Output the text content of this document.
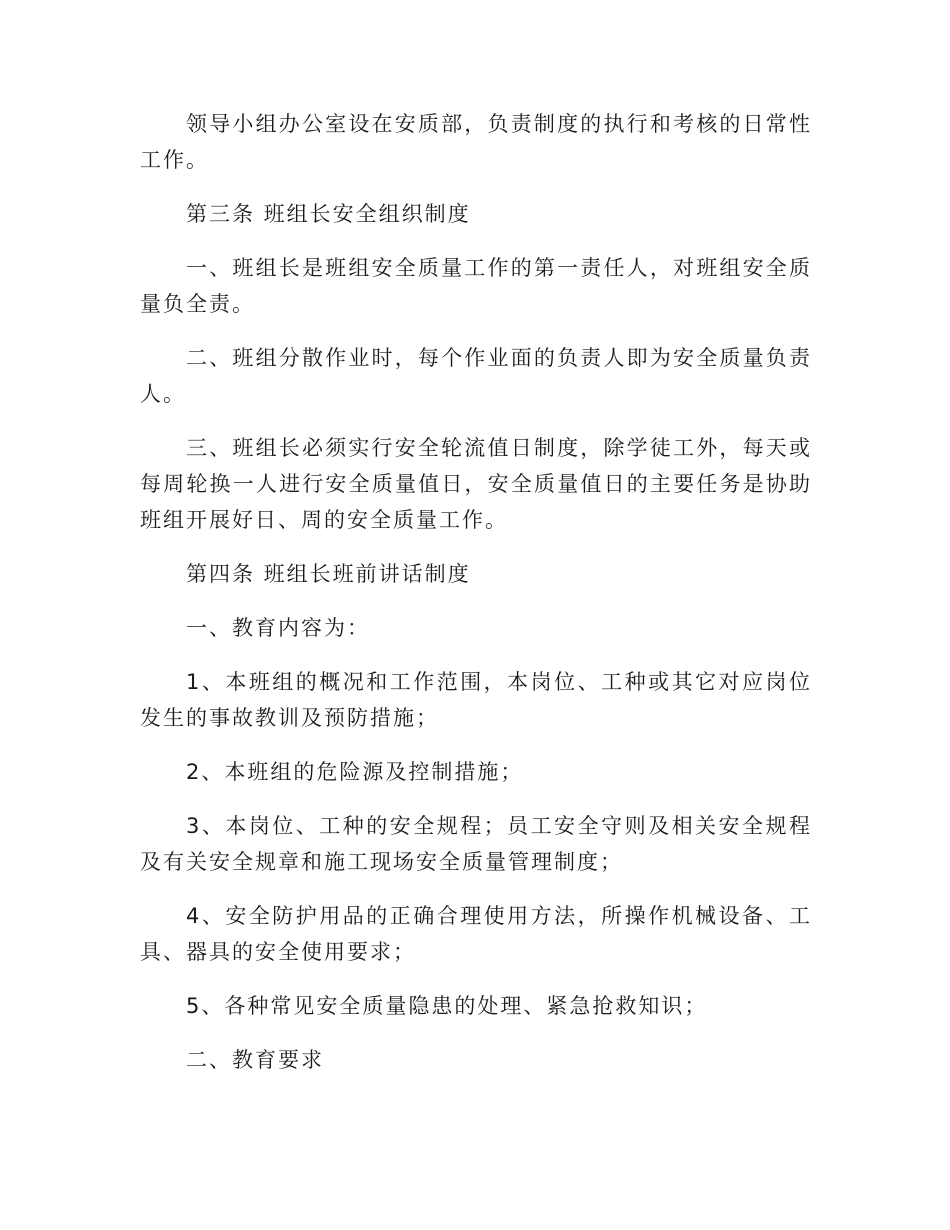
领导小组办公室设在安质部，负责制度的执行和考核的日常性工作。

第三条 班组长安全组织制度

一、班组长是班组安全质量工作的第一责任人，对班组安全质量负全责。

二、班组分散作业时，每个作业面的负责人即为安全质量负责人。

三、班组长必须实行安全轮流值日制度，除学徒工外，每天或每周轮换一人进行安全质量值日，安全质量值日的主要任务是协助班组开展好日、周的安全质量工作。

第四条 班组长班前讲话制度

一、教育内容为：

1、本班组的概况和工作范围，本岗位、工种或其它对应岗位发生的事故教训及预防措施；

2、本班组的危险源及控制措施；

3、本岗位、工种的安全规程；员工安全守则及相关安全规程及有关安全规章和施工现场安全质量管理制度；

4、安全防护用品的正确合理使用方法，所操作机械设备、工具、器具的安全使用要求；

5、各种常见安全质量隐患的处理、紧急抢救知识；

二、教育要求
